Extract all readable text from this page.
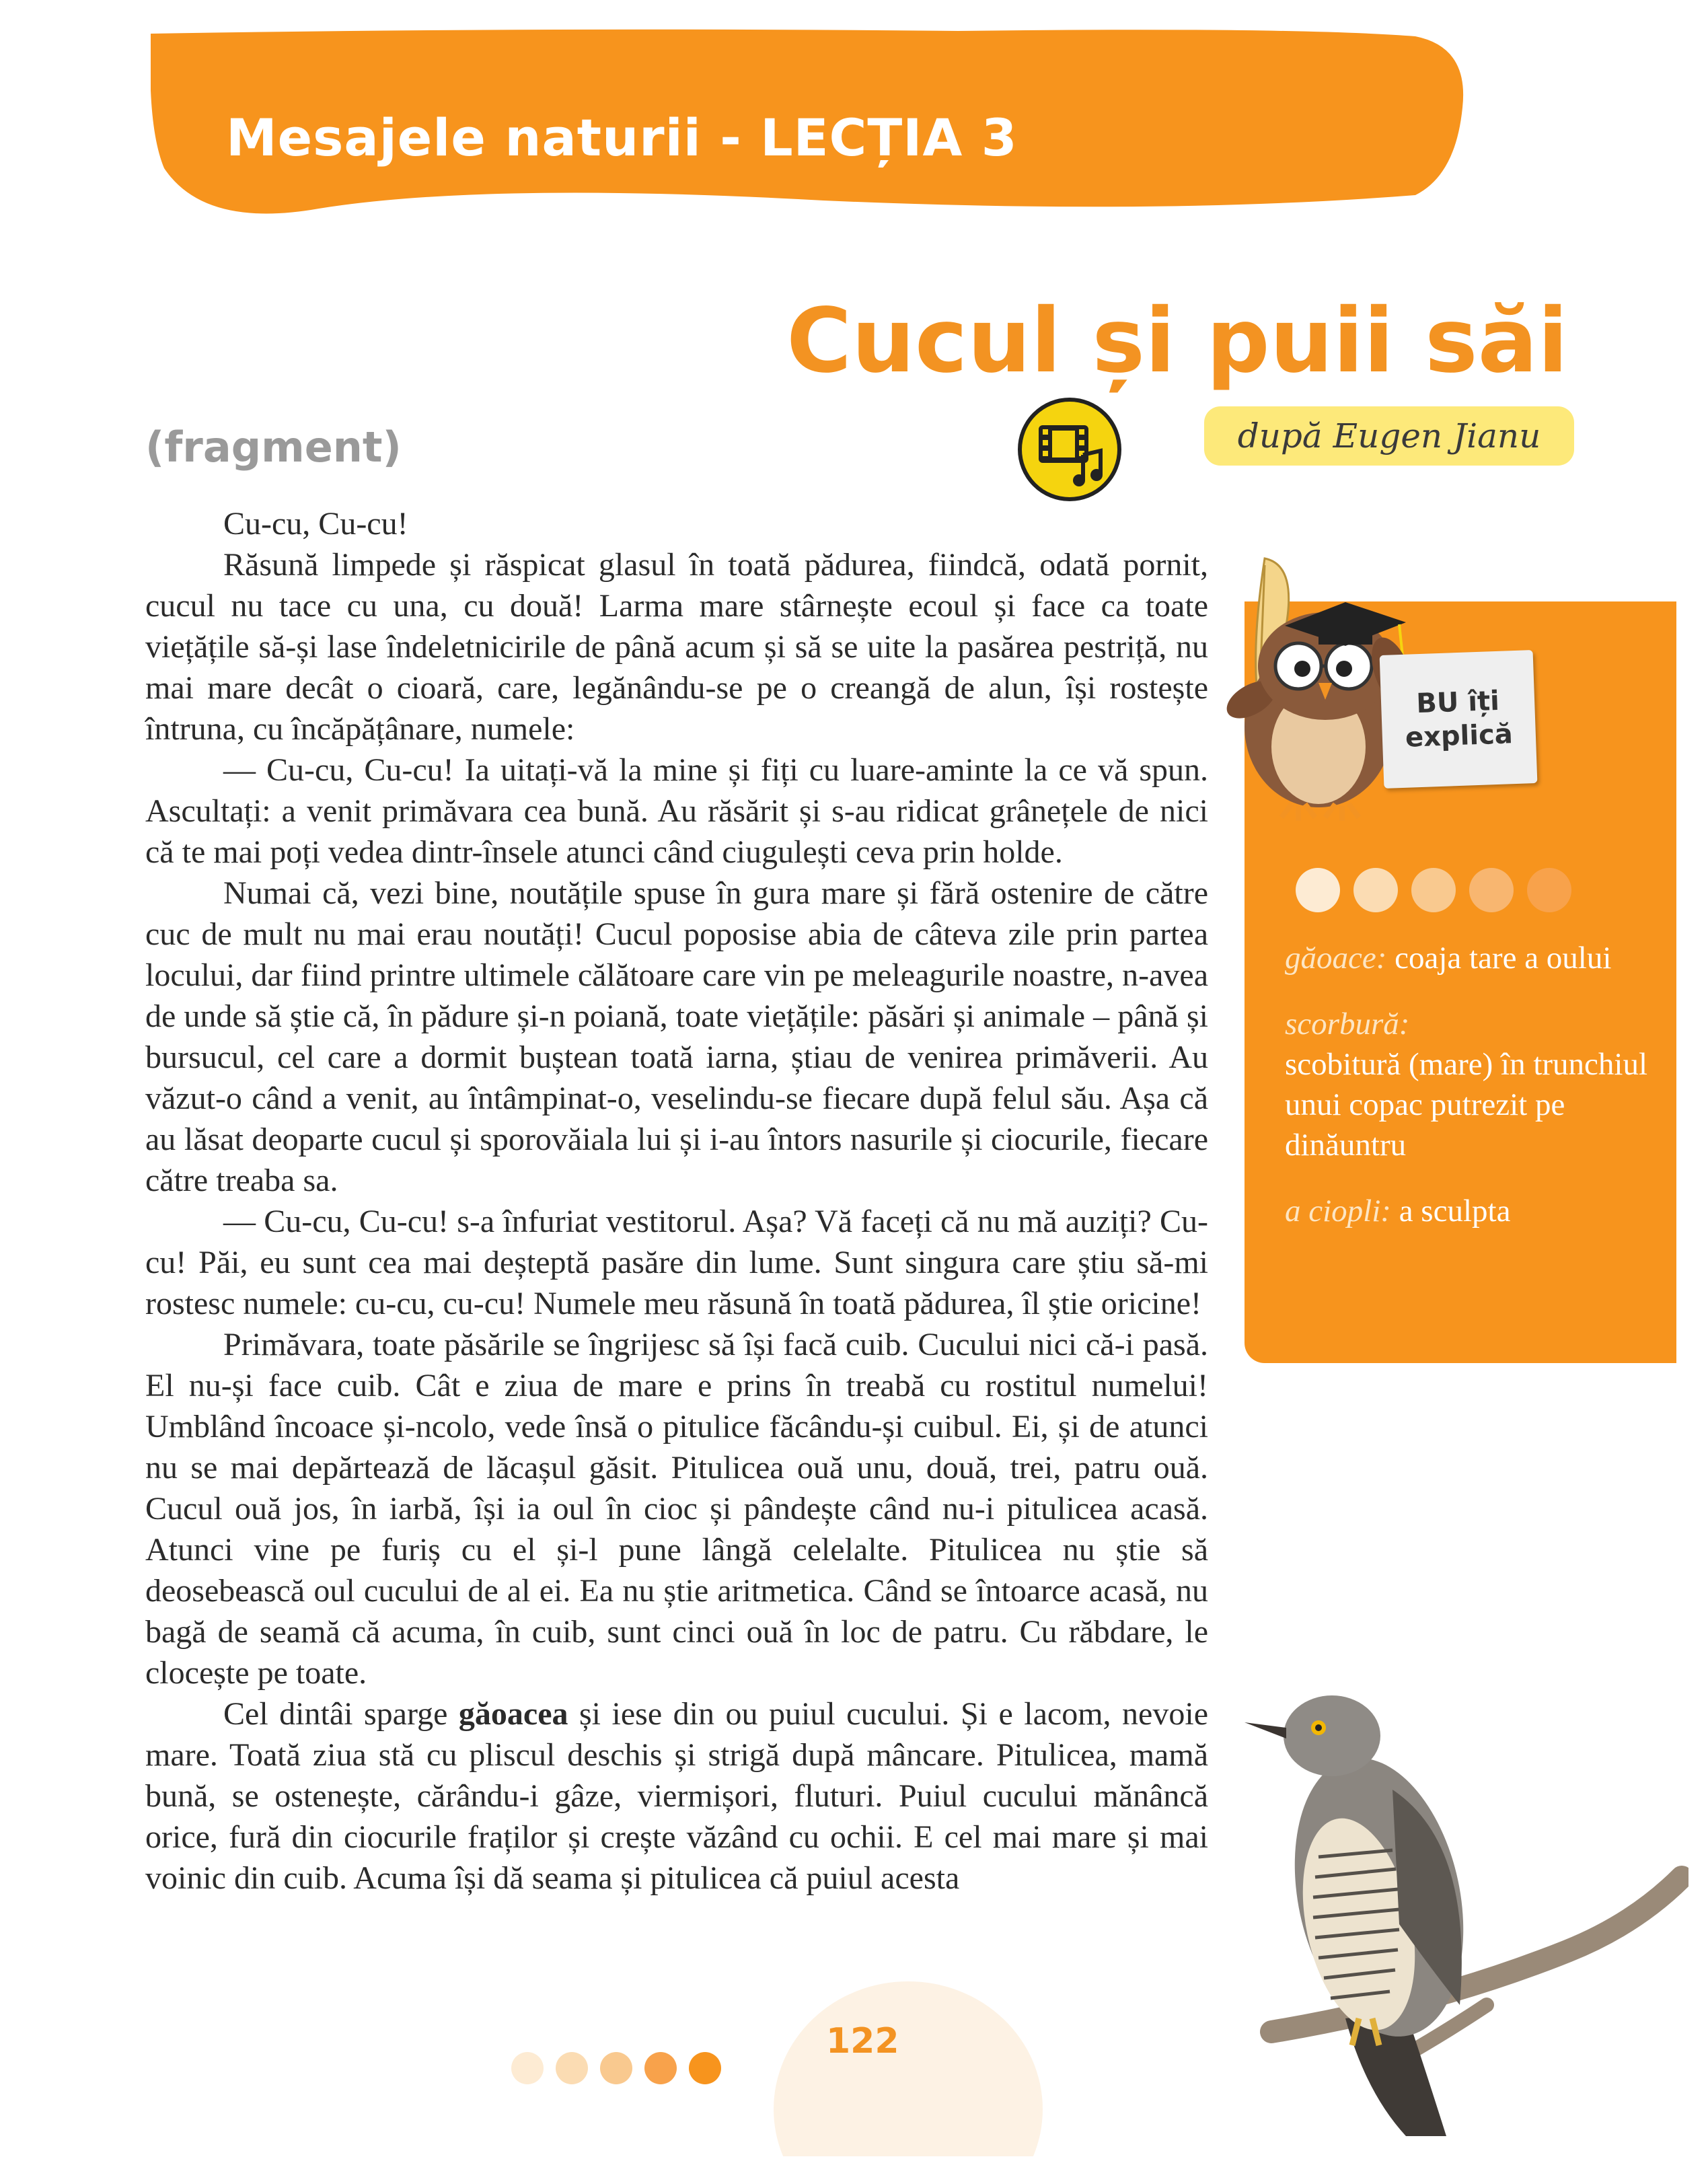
Mesajele naturii - LECȚIA 3
Cucul și puii săi
(fragment)	după Eugen Jianu

Cu-cu, Cu-cu!

Răsună limpede și răspicat glasul în toată pădurea, fiindcă, odată pornit, cucul nu tace cu una, cu două! Larma mare stârnește ecoul și face ca toate viețățile să-și lase îndeletnicirile de până acum și să se uite la pasărea pestriță, nu mai mare decât o cioară, care, legănându-se pe o creangă de alun, își rostește întruna, cu încăpățânare, numele:

— Cu-cu, Cu-cu! Ia uitați-vă la mine și fiți cu luare-aminte la ce vă spun. Ascultați: a venit primăvara cea bună. Au răsărit și s-au ridicat grânețele de nici că te mai poți vedea dintr-însele atunci când ciugulești ceva prin holde.

Numai că, vezi bine, noutățile spuse în gura mare și fără ostenire de către cuc de mult nu mai erau noutăți! Cucul poposise abia de câteva zile prin partea locului, dar fiind printre ultimele călătoare care vin pe meleagurile noastre, n-avea de unde să știe că, în pădure și-n poiană, toate viețățile: păsări și animale – până și bursucul, cel care a dormit buștean toată iarna, știau de venirea primăverii. Au văzut-o când a venit, au întâmpinat-o, veselindu-se fiecare după felul său. Așa că au lăsat deoparte cucul și sporovăiala lui și i-au întors nasurile și ciocurile, fiecare către treaba sa.

— Cu-cu, Cu-cu! s-a înfuriat vestitorul. Așa? Vă faceți că nu mă auziți? Cu-cu! Păi, eu sunt cea mai deșteptă pasăre din lume. Sunt singura care știu să-mi rostesc numele: cu-cu, cu-cu! Numele meu răsună în toată pădurea, îl știe oricine!

Primăvara, toate păsările se îngrijesc să își facă cuib. Cucului nici că-i pasă. El nu-și face cuib. Cât e ziua de mare e prins în treabă cu rostitul numelui! Umblând încoace și-ncolo, vede însă o pitulice făcându-și cuibul. Ei, și de atunci nu se mai depărtează de lăcașul găsit. Pitulicea ouă unu, două, trei, patru ouă. Cucul ouă jos, în iarbă, își ia oul în cioc și pândește când nu-i pitulicea acasă. Atunci vine pe furiș cu el și-l pune lângă celelalte. Pitulicea nu știe să deosebească oul cucului de al ei. Ea nu știe aritmetica. Când se întoarce acasă, nu bagă de seamă că acuma, în cuib, sunt cinci ouă în loc de patru. Cu răbdare, le clocește pe toate.

Cel dintâi sparge găoacea și iese din ou puiul cucului. Și e lacom, nevoie mare. Toată ziua stă cu pliscul deschis și strigă după mâncare. Pitulicea, mamă bună, se ostenește, cărându-i gâze, viermișori, fluturi. Puiul cucului mănâncă orice, fură din ciocurile fraților și crește văzând cu ochii. E cel mai mare și mai voinic din cuib. Acuma își dă seama și pitulicea că puiul acesta

BU îți explică
găoace: coaja tare a oului
scorbură:
scobitură (mare) în trunchiul unui copac putrezit pe dinăuntru
a ciopli: a sculpta
122
